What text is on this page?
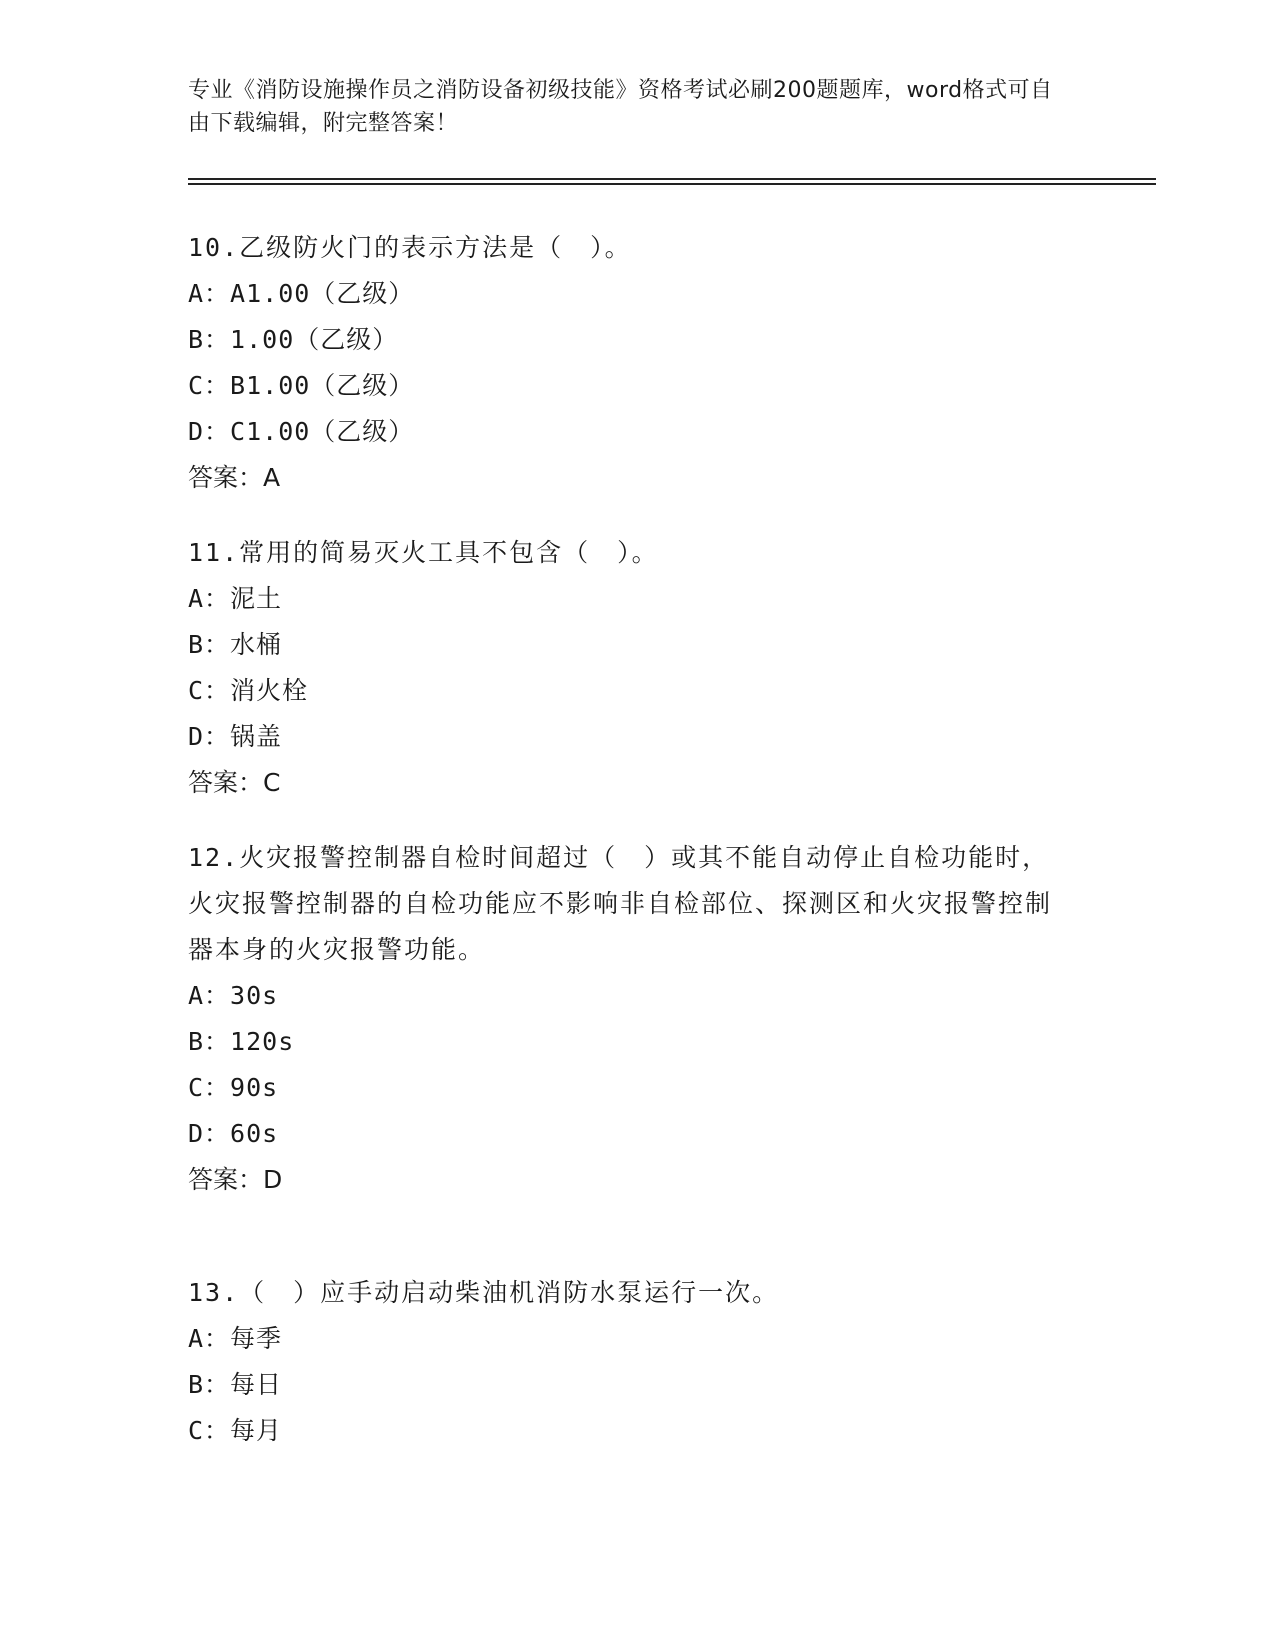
专业《消防设施操作员之消防设备初级技能》资格考试必刷200题题库，word格式可自由下载编辑，附完整答案！

10.乙级防火门的表示方法是（　）。

A：A1.00（乙级）

B：1.00（乙级）

C：B1.00（乙级）

D：C1.00（乙级）

答案：A

11.常用的简易灭火工具不包含（　）。

A：泥土

B：水桶

C：消火栓

D：锅盖

答案：C

12.火灾报警控制器自检时间超过（　）或其不能自动停止自检功能时，火灾报警控制器的自检功能应不影响非自检部位、探测区和火灾报警控制器本身的火灾报警功能。

A：30s

B：120s

C：90s

D：60s

答案：D

13.（　）应手动启动柴油机消防水泵运行一次。

A：每季

B：每日

C：每月
